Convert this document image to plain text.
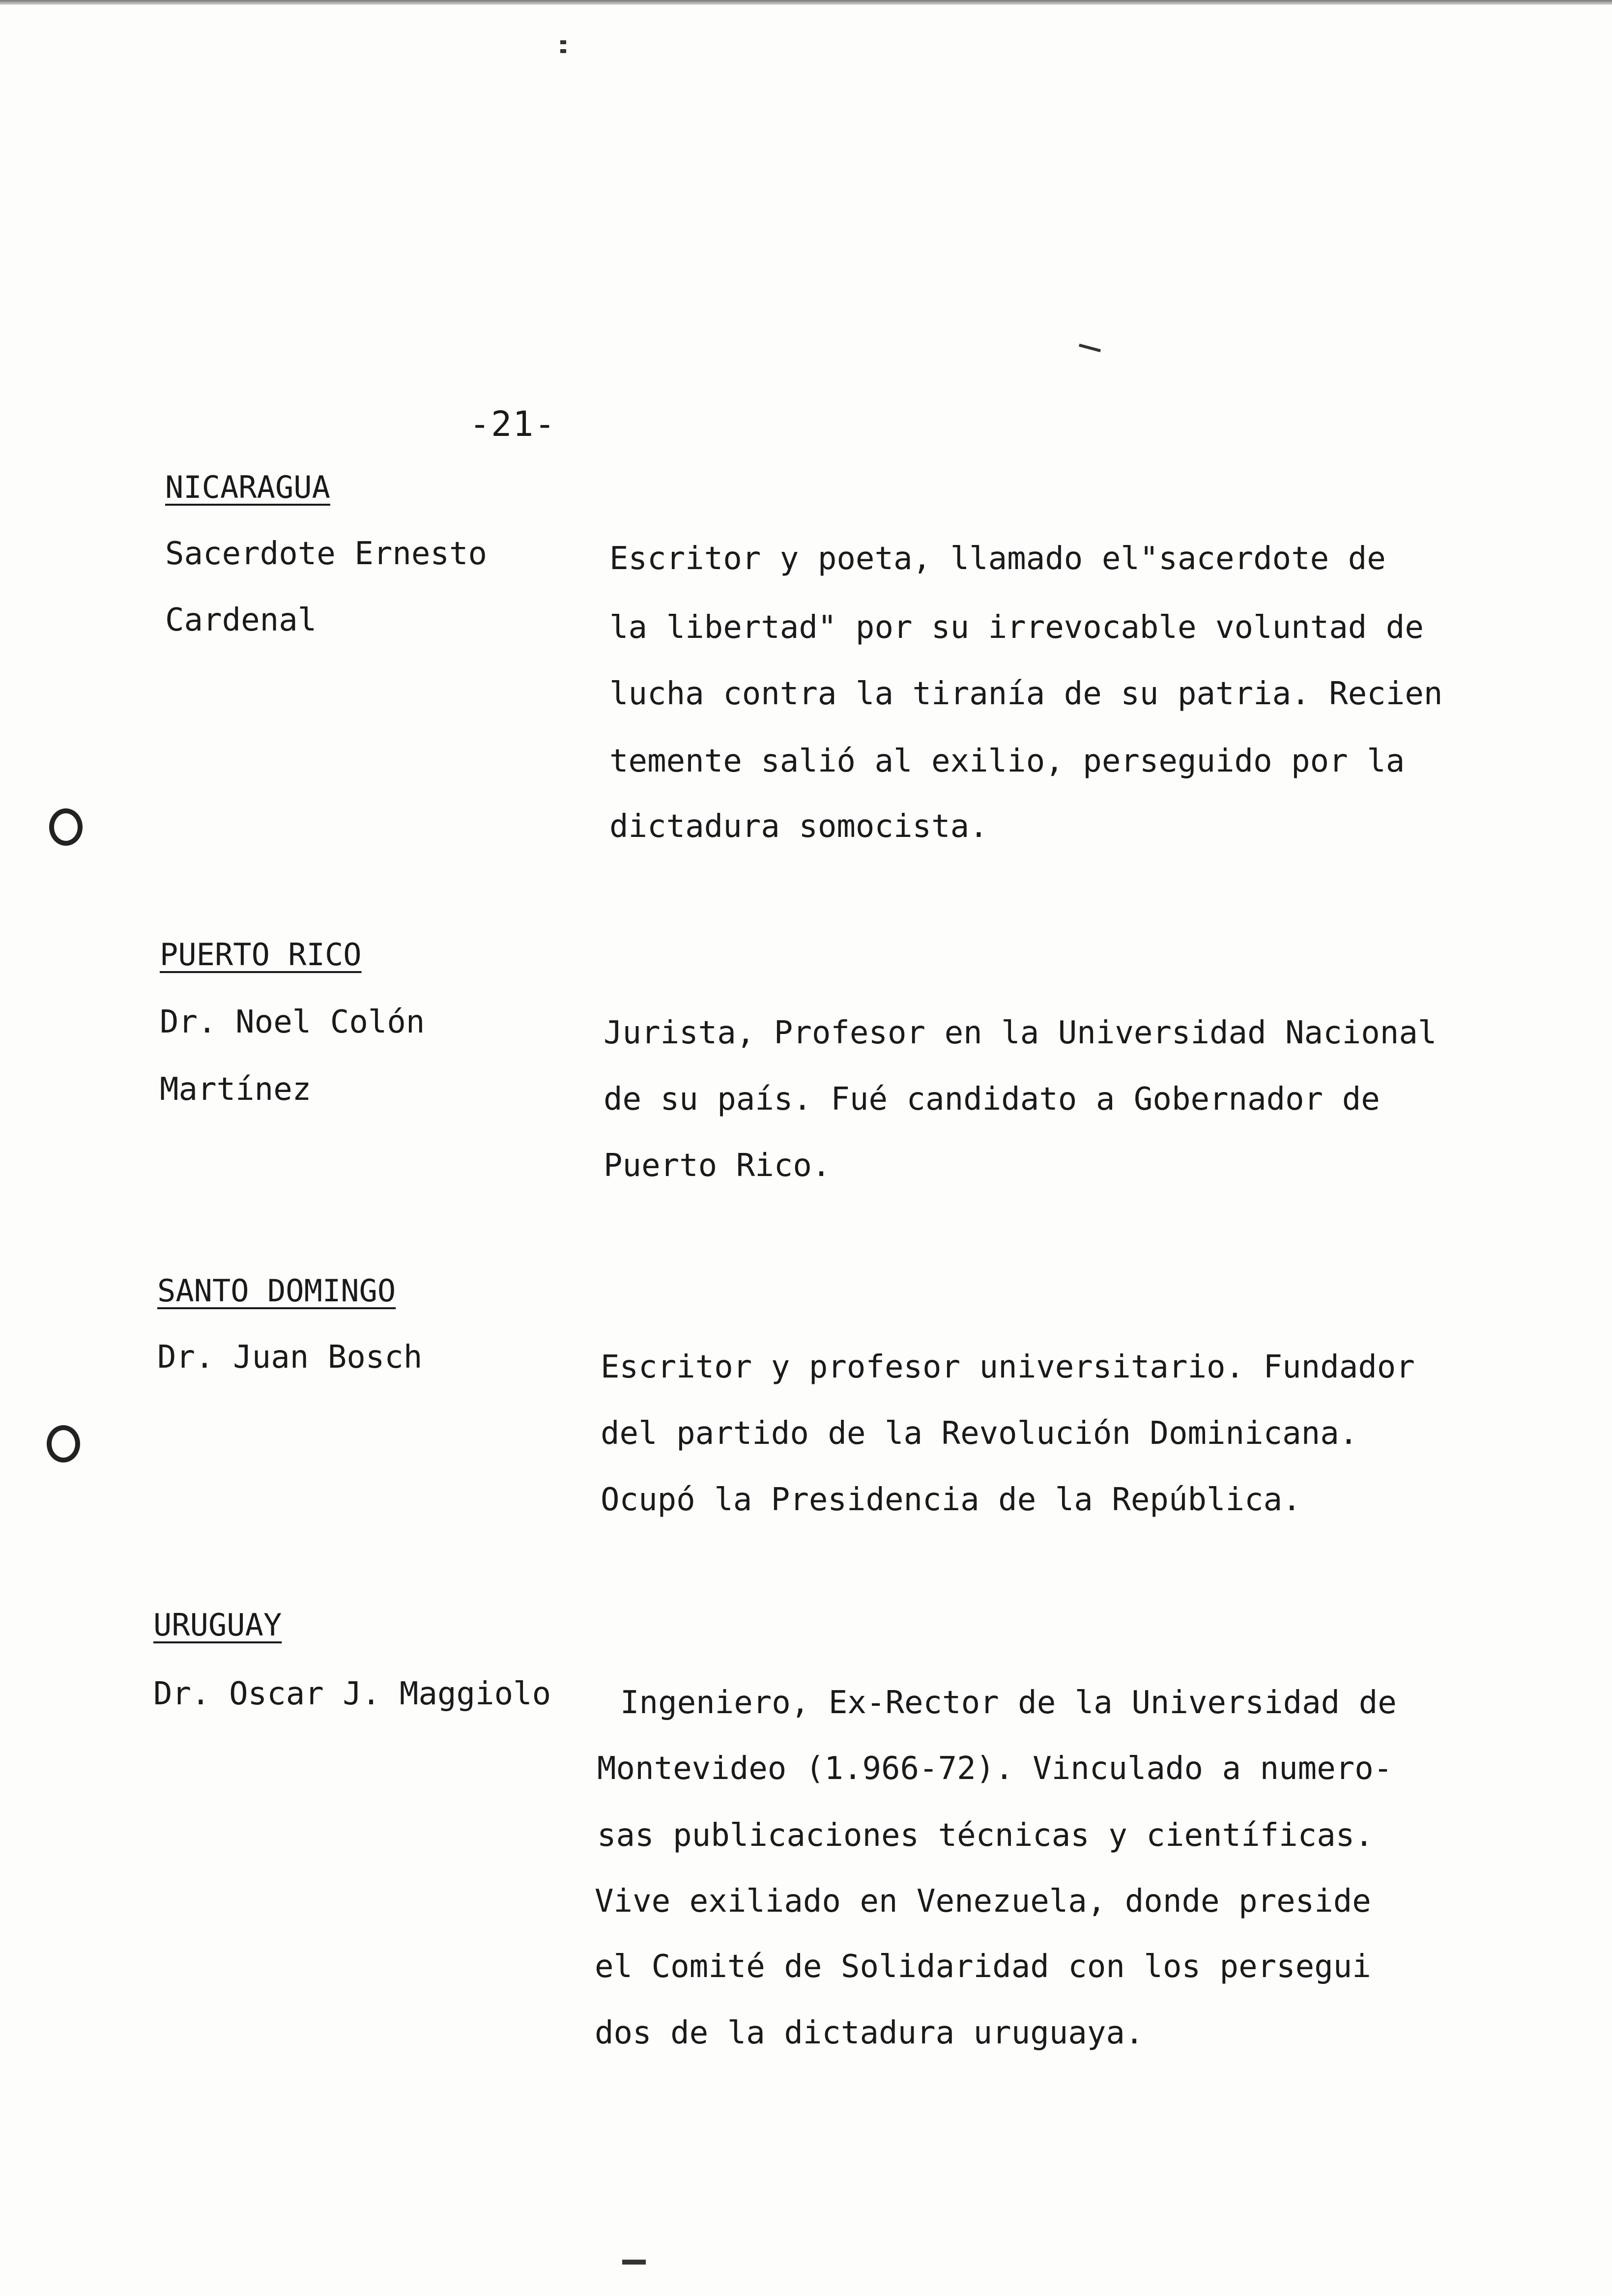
-21-
NICARAGUA
Sacerdote Ernesto
Cardenal
Escritor y poeta, llamado el"sacerdote de
la libertad" por su irrevocable voluntad de
lucha contra la tiranía de su patria. Recien
temente salió al exilio, perseguido por la
dictadura somocista.
PUERTO RICO
Dr. Noel Colón
Martínez
Jurista, Profesor en la Universidad Nacional
de su país. Fué candidato a Gobernador de
Puerto Rico.
SANTO DOMINGO
Dr. Juan Bosch	Escritor y profesor universitario. Fundador
del partido de la Revolución Dominicana.
Ocupó la Presidencia de la República.
URUGUAY
Dr. Oscar J. Maggiolo Ingeniero, Ex-Rector de la Universidad de
Montevideo (1.966-72). Vinculado a numero-
sas publicaciones técnicas y científicas.
Vive exiliado en Venezuela, donde preside
el Comité de Solidaridad con los persegui
dos de la dictadura uruguaya.
